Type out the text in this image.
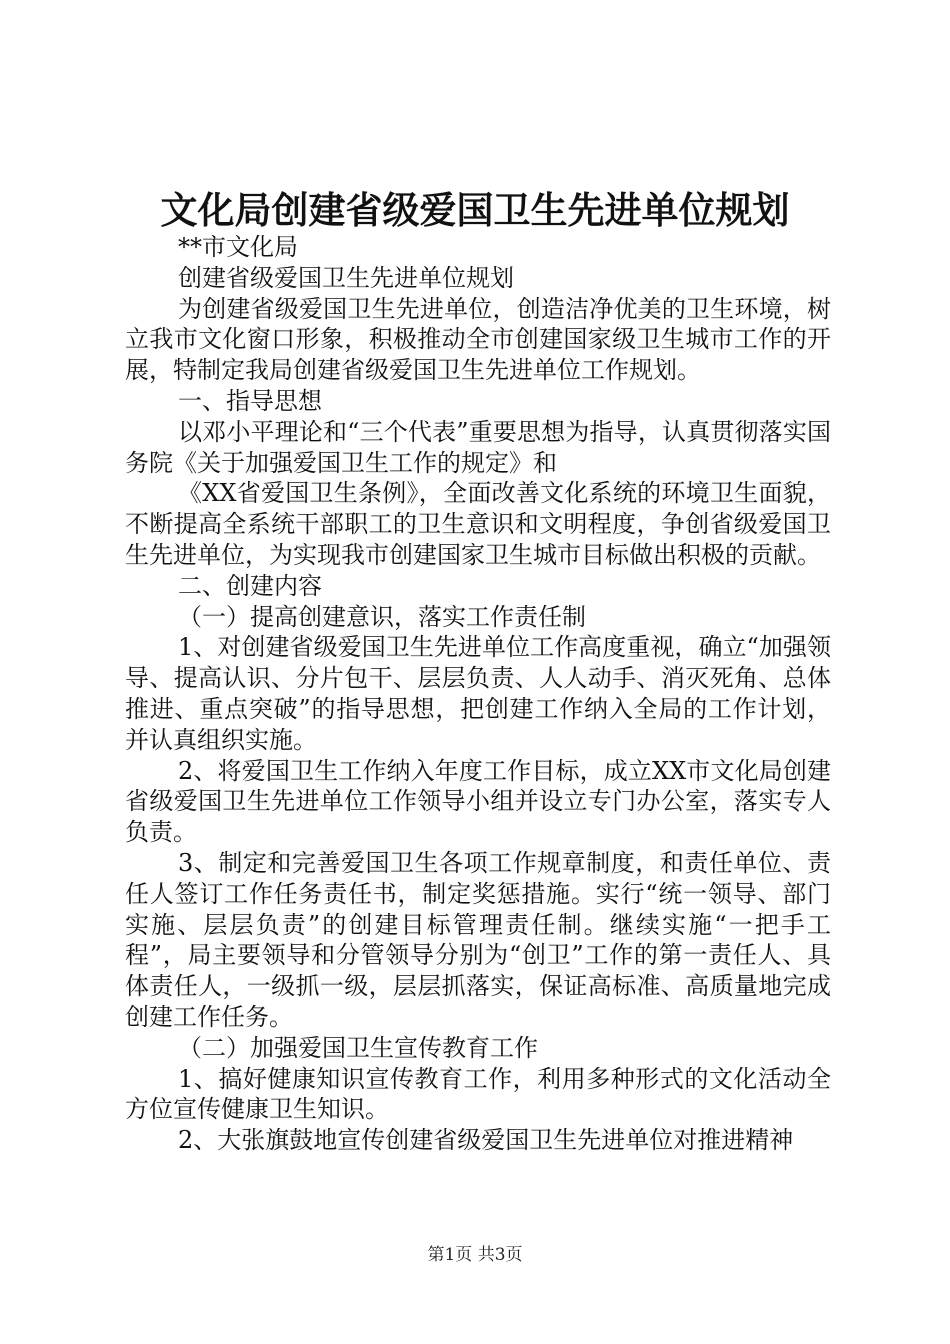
文化局创建省级爱国卫生先进单位规划

**市文化局

创建省级爱国卫生先进单位规划

为创建省级爱国卫生先进单位，创造洁净优美的卫生环境，树立我市文化窗口形象，积极推动全市创建国家级卫生城市工作的开展，特制定我局创建省级爱国卫生先进单位工作规划。

一、指导思想

以邓小平理论和“三个代表”重要思想为指导，认真贯彻落实国务院《关于加强爱国卫生工作的规定》和

《XX省爱国卫生条例》，全面改善文化系统的环境卫生面貌，不断提高全系统干部职工的卫生意识和文明程度，争创省级爱国卫生先进单位，为实现我市创建国家卫生城市目标做出积极的贡献。

二、创建内容

（一）提高创建意识，落实工作责任制

1、对创建省级爱国卫生先进单位工作高度重视，确立“加强领导、提高认识、分片包干、层层负责、人人动手、消灭死角、总体推进、重点突破”的指导思想，把创建工作纳入全局的工作计划，并认真组织实施。

2、将爱国卫生工作纳入年度工作目标，成立XX市文化局创建省级爱国卫生先进单位工作领导小组并设立专门办公室，落实专人负责。

3、制定和完善爱国卫生各项工作规章制度，和责任单位、责任人签订工作任务责任书，制定奖惩措施。实行“统一领导、部门实施、层层负责”的创建目标管理责任制。继续实施“一把手工程”，局主要领导和分管领导分别为“创卫”工作的第一责任人、具体责任人，一级抓一级，层层抓落实，保证高标准、高质量地完成创建工作任务。

（二）加强爱国卫生宣传教育工作

1、搞好健康知识宣传教育工作，利用多种形式的文化活动全方位宣传健康卫生知识。

2、大张旗鼓地宣传创建省级爱国卫生先进单位对推进精神

第1页 共3页
